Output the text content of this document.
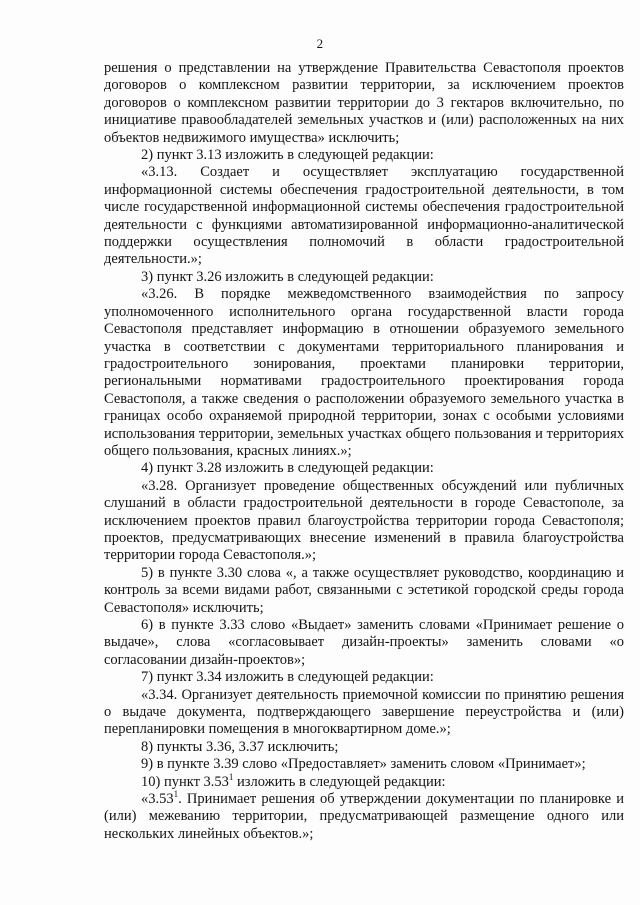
2

решения о представлении на утверждение Правительства Севастополя проектов договоров о комплексном развитии территории, за исключением проектов договоров о комплексном развитии территории до 3 гектаров включительно, по инициативе правообладателей земельных участков и (или) расположенных на них объектов недвижимого имущества» исключить;

2) пункт 3.13 изложить в следующей редакции:

«3.13. Создает и осуществляет эксплуатацию государственной информационной системы обеспечения градостроительной деятельности, в том числе государственной информационной системы обеспечения градостроительной деятельности с функциями автоматизированной информационно-аналитической поддержки осуществления полномочий в области градостроительной деятельности.»;

3) пункт 3.26 изложить в следующей редакции:

«3.26. В порядке межведомственного взаимодействия по запросу уполномоченного исполнительного органа государственной власти города Севастополя представляет информацию в отношении образуемого земельного участка в соответствии с документами территориального планирования и градостроительного зонирования, проектами планировки территории, региональными нормативами градостроительного проектирования города Севастополя, а также сведения о расположении образуемого земельного участка в границах особо охраняемой природной территории, зонах с особыми условиями использования территории, земельных участках общего пользования и территориях общего пользования, красных линиях.»;

4) пункт 3.28 изложить в следующей редакции:

«3.28. Организует проведение общественных обсуждений или публичных слушаний в области градостроительной деятельности в городе Севастополе, за исключением проектов правил благоустройства территории города Севастополя; проектов, предусматривающих внесение изменений в правила благоустройства территории города Севастополя.»;

5) в пункте 3.30 слова «, а также осуществляет руководство, координацию и контроль за всеми видами работ, связанными с эстетикой городской среды города Севастополя» исключить;

6) в пункте 3.33 слово «Выдает» заменить словами «Принимает решение о выдаче», слова «согласовывает дизайн-проекты» заменить словами «о согласовании дизайн-проектов»;

7) пункт 3.34 изложить в следующей редакции:

«3.34. Организует деятельность приемочной комиссии по принятию решения о выдаче документа, подтверждающего завершение переустройства и (или) перепланировки помещения в многоквартирном доме.»;

8) пункты 3.36, 3.37 исключить;

9) в пункте 3.39 слово «Предоставляет» заменить словом «Принимает»;

10) пункт 3.53$^1$ изложить в следующей редакции:

«3.53$^1$. Принимает решения об утверждении документации по планировке и (или) межеванию территории, предусматривающей размещение одного или нескольких линейных объектов.»;
